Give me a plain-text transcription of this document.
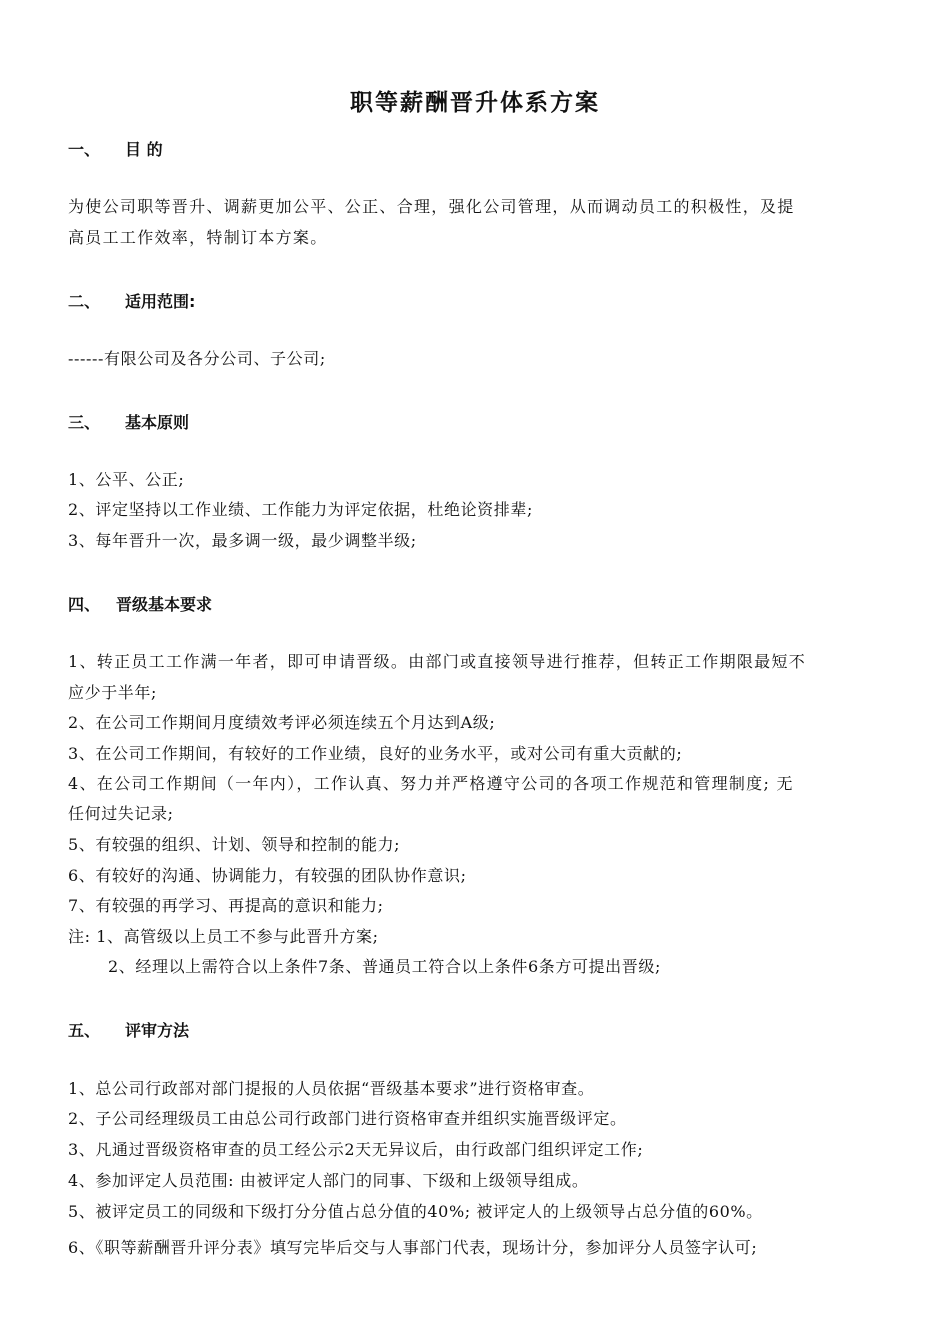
职等薪酬晋升体系方案
一、 目 的
为使公司职等晋升、调薪更加公平、公正、合理，强化公司管理，从而调动员工的积极性，及提
高员工工作效率，特制订本方案。
二、 适用范围:
------有限公司及各分公司、子公司;
三、 基本原则
1、公平、公正;
2、评定坚持以工作业绩、工作能力为评定依据，杜绝论资排辈;
3、每年晋升一次，最多调一级，最少调整半级;
四、 晋级基本要求
1、转正员工工作满一年者，即可申请晋级。由部门或直接领导进行推荐，但转正工作期限最短不
应少于半年;
2、在公司工作期间月度绩效考评必须连续五个月达到A级;
3、在公司工作期间，有较好的工作业绩，良好的业务水平，或对公司有重大贡献的;
4、在公司工作期间（一年内），工作认真、努力并严格遵守公司的各项工作规范和管理制度; 无
任何过失记录;
5、有较强的组织、计划、领导和控制的能力;
6、有较好的沟通、协调能力，有较强的团队协作意识;
7、有较强的再学习、再提高的意识和能力;
注: 1、高管级以上员工不参与此晋升方案;
2、经理以上需符合以上条件7条、普通员工符合以上条件6条方可提出晋级;
五、 评审方法
1、总公司行政部对部门提报的人员依据“晋级基本要求”进行资格审查。
2、子公司经理级员工由总公司行政部门进行资格审查并组织实施晋级评定。
3、凡通过晋级资格审查的员工经公示2天无异议后，由行政部门组织评定工作;
4、参加评定人员范围: 由被评定人部门的同事、下级和上级领导组成。
5、被评定员工的同级和下级打分分值占总分值的40%; 被评定人的上级领导占总分值的60%。
6、《职等薪酬晋升评分表》填写完毕后交与人事部门代表，现场计分，参加评分人员签字认可;
